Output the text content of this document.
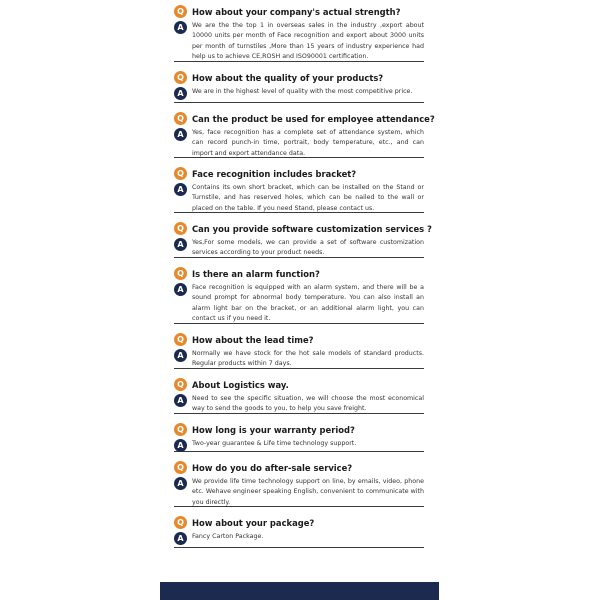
Q How about your company's actual strength?
A	We are the the top 1 in overseas sales in the industry ,export about 10000 units per month of Face recognition and export about 3000 units per month of turnstiles ,More than 15 years of industry experience had help us to achieve CE,ROSH and ISO90001 certification.
Q How about the quality of your products?
A	We are in the highest level of quality with the most competitive price.
Q Can the product be used for employee attendance?
A	Yes, face recognition has a complete set of attendance system, which can record punch-in time, portrait, body temperature, etc., and can import and export attendance data.
Q Face recognition includes bracket?
A	Contains its own short bracket, which can be installed on the Stand or Turnstile, and has reserved holes, which can be nailed to the wall or placed on the table. If you need Stand, please contact us.
Q Can you provide software customization services ?
A	Yes,For some models, we can provide a set of software customization services according to your product needs.
Q Is there an alarm function?
A	Face recognition is equipped with an alarm system, and there will be a sound prompt for abnormal body temperature. You can also install an alarm light bar on the bracket, or an additional alarm light, you can contact us if you need it.
Q How about the lead time?
A	Normally we have stock for the hot sale models of standard products. Regular products within 7 days.
Q About Logistics way.
A	Need to see the specific situation, we will choose the most economical way to send the goods to you, to help you save freight.
Q How long is your warranty period?
A	Two-year guarantee & Life time technology support.
Q How do you do after-sale service?
A	We provide life time technology support on line, by emails, video, phone etc. Wehave engineer speaking English, convenient to communicate with you directly.
Q How about your package?
A	Fancy Carton Package.
